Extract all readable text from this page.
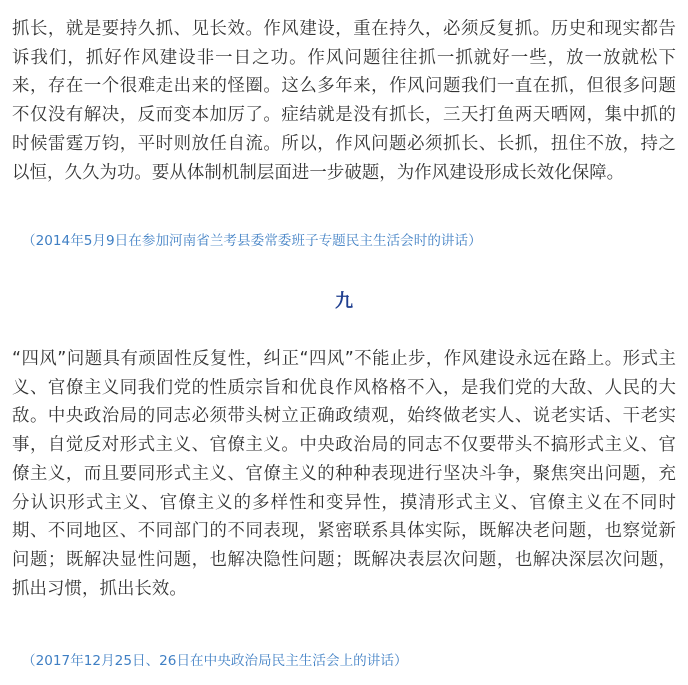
抓长，就是要持久抓、见长效。作风建设，重在持久，必须反复抓。历史和现实都告诉我们，抓好作风建设非一日之功。作风问题往往抓一抓就好一些，放一放就松下来，存在一个很难走出来的怪圈。这么多年来，作风问题我们一直在抓，但很多问题不仅没有解决，反而变本加厉了。症结就是没有抓长，三天打鱼两天晒网，集中抓的时候雷霆万钧，平时则放任自流。所以，作风问题必须抓长、长抓，扭住不放，持之以恒，久久为功。要从体制机制层面进一步破题，为作风建设形成长效化保障。

（2014年5月9日在参加河南省兰考县委常委班子专题民主生活会时的讲话）

九

“四风”问题具有顽固性反复性，纠正“四风”不能止步，作风建设永远在路上。形式主义、官僚主义同我们党的性质宗旨和优良作风格格不入，是我们党的大敌、人民的大敌。中央政治局的同志必须带头树立正确政绩观，始终做老实人、说老实话、干老实事，自觉反对形式主义、官僚主义。中央政治局的同志不仅要带头不搞形式主义、官僚主义，而且要同形式主义、官僚主义的种种表现进行坚决斗争，聚焦突出问题，充分认识形式主义、官僚主义的多样性和变异性，摸清形式主义、官僚主义在不同时期、不同地区、不同部门的不同表现，紧密联系具体实际，既解决老问题，也察觉新问题；既解决显性问题，也解决隐性问题；既解决表层次问题，也解决深层次问题，抓出习惯，抓出长效。

（2017年12月25日、26日在中央政治局民主生活会上的讲话）
